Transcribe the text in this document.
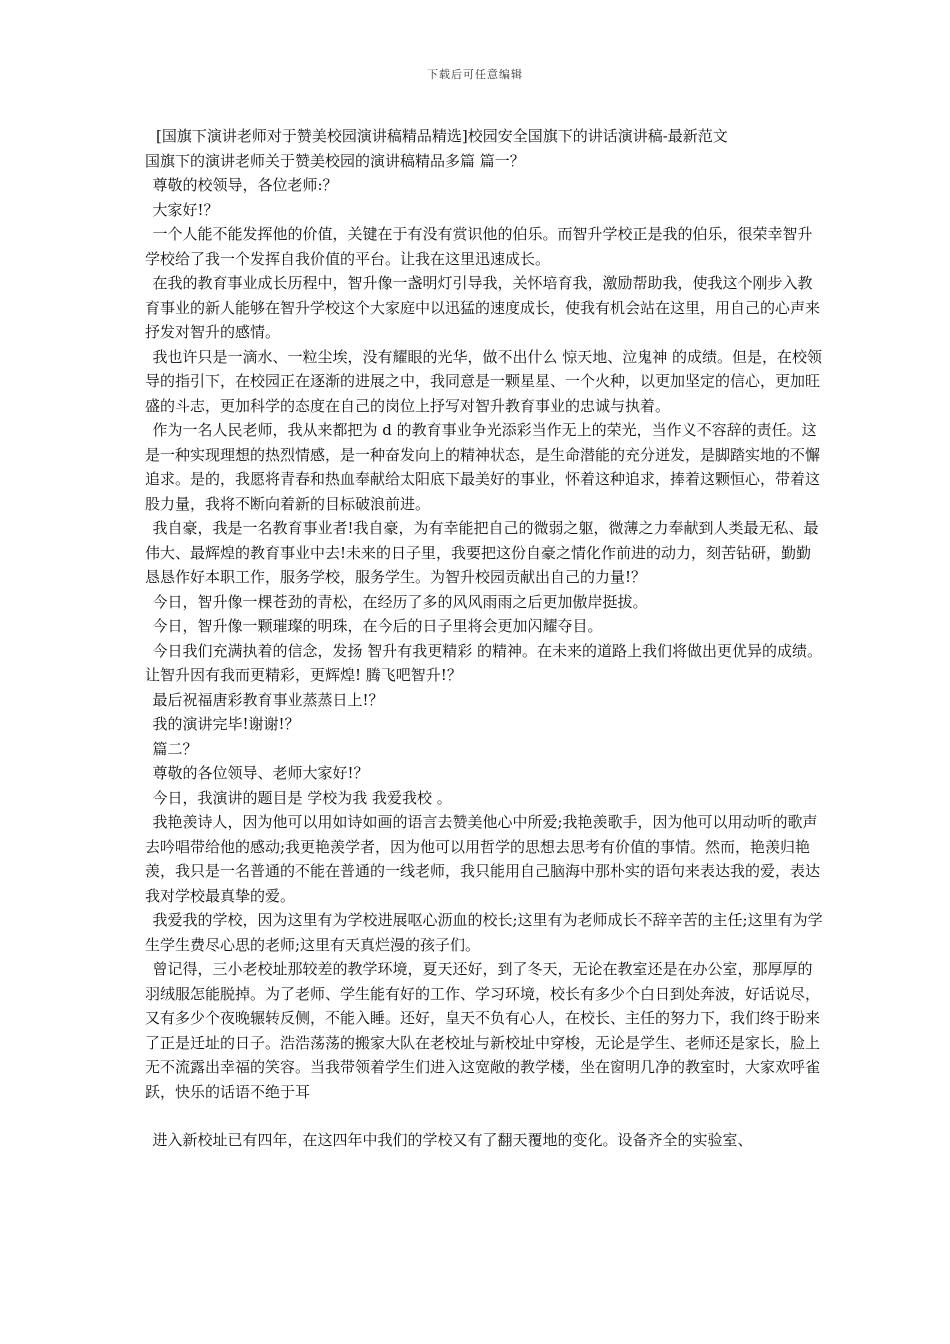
下载后可任意编辑

[国旗下演讲老师对于赞美校园演讲稿精品精选]校园安全国旗下的讲话演讲稿-最新范文

国旗下的演讲老师关于赞美校园的演讲稿精品多篇 篇一？

尊敬的校领导，各位老师:？

大家好!？

一个人能不能发挥他的价值，关键在于有没有赏识他的伯乐。而智升学校正是我的伯乐，很荣幸智升学校给了我一个发挥自我价值的平台。让我在这里迅速成长。

在我的教育事业成长历程中，智升像一盏明灯引导我，关怀培育我，激励帮助我，使我这个刚步入教育事业的新人能够在智升学校这个大家庭中以迅猛的速度成长，使我有机会站在这里，用自己的心声来抒发对智升的感情。

我也许只是一滴水、一粒尘埃，没有耀眼的光华，做不出什么 惊天地、泣鬼神 的成绩。但是，在校领导的指引下，在校园正在逐渐的进展之中，我同意是一颗星星、一个火种，以更加坚定的信心，更加旺盛的斗志，更加科学的态度在自己的岗位上抒写对智升教育事业的忠诚与执着。

作为一名人民老师，我从来都把为 d 的教育事业争光添彩当作无上的荣光，当作义不容辞的责任。这是一种实现理想的热烈情感，是一种奋发向上的精神状态，是生命潜能的充分迸发，是脚踏实地的不懈追求。是的，我愿将青春和热血奉献给太阳底下最美好的事业，怀着这种追求，捧着这颗恒心，带着这股力量，我将不断向着新的目标破浪前进。

我自豪，我是一名教育事业者!我自豪，为有幸能把自己的微弱之躯，微薄之力奉献到人类最无私、最伟大、最辉煌的教育事业中去!未来的日子里，我要把这份自豪之情化作前进的动力，刻苦钻研，勤勤恳恳作好本职工作，服务学校，服务学生。为智升校园贡献出自己的力量!？

今日，智升像一棵苍劲的青松，在经历了多的风风雨雨之后更加傲岸挺拔。

今日，智升像一颗璀璨的明珠，在今后的日子里将会更加闪耀夺目。

今日我们充满执着的信念，发扬 智升有我更精彩 的精神。在未来的道路上我们将做出更优异的成绩。让智升因有我而更精彩，更辉煌! 腾飞吧智升!？

最后祝福唐彩教育事业蒸蒸日上!？

我的演讲完毕!谢谢!？

篇二？

尊敬的各位领导、老师大家好!？

今日，我演讲的题目是 学校为我 我爱我校 。

我艳羡诗人，因为他可以用如诗如画的语言去赞美他心中所爱;我艳羡歌手，因为他可以用动听的歌声去吟唱带给他的感动;我更艳羡学者，因为他可以用哲学的思想去思考有价值的事情。然而，艳羡归艳羡，我只是一名普通的不能在普通的一线老师，我只能用自己脑海中那朴实的语句来表达我的爱，表达我对学校最真挚的爱。

我爱我的学校，因为这里有为学校进展呕心沥血的校长;这里有为老师成长不辞辛苦的主任;这里有为学生学生费尽心思的老师;这里有天真烂漫的孩子们。

曾记得，三小老校址那较差的教学环境，夏天还好，到了冬天，无论在教室还是在办公室，那厚厚的羽绒服怎能脱掉。为了老师、学生能有好的工作、学习环境，校长有多少个白日到处奔波，好话说尽，又有多少个夜晚辗转反侧，不能入睡。还好，皇天不负有心人，在校长、主任的努力下，我们终于盼来了正是迁址的日子。浩浩荡荡的搬家大队在老校址与新校址中穿梭，无论是学生、老师还是家长，脸上无不流露出幸福的笑容。当我带领着学生们进入这宽敞的教学楼，坐在窗明几净的教室时，大家欢呼雀跃，快乐的话语不绝于耳

进入新校址已有四年，在这四年中我们的学校又有了翻天覆地的变化。设备齐全的实验室、
